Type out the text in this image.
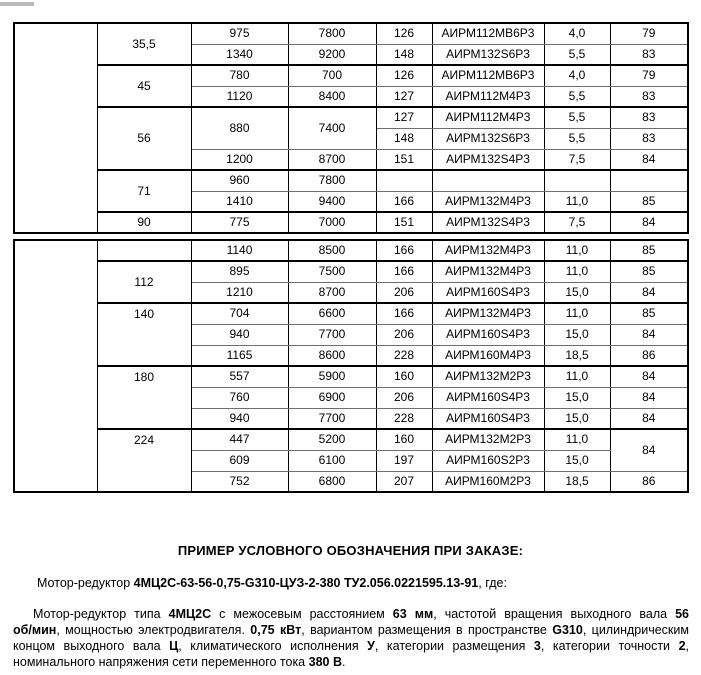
	35,5	975	7800	126	АИРМ112МВ6Р3	4,0	79
		1340	9200	148	АИРМ132S6Р3	5,5	83
	45	780	700	126	АИРМ112МВ6Р3	4,0	79
		1120	8400	127	АИРМ112М4Р3	5,5	83
	56	880	7400	127	АИРМ112М4Р3	5,5	83
				148	АИРМ132S6Р3	5,5	83
		1200	8700	151	АИРМ132S4Р3	7,5	84
	71	960	7800				
		1410	9400	166	АИРМ132М4Р3	11,0	85
	90	775	7000	151	АИРМ132S4Р3	7,5	84
		1140	8500	166	АИРМ132М4Р3	11,0	85
	112	895	7500	166	АИРМ132М4Р3	11,0	85
		1210	8700	206	АИРМ160S4Р3	15,0	84
	140	704	6600	166	АИРМ132М4Р3	11,0	85
		940	7700	206	АИРМ160S4Р3	15,0	84
		1165	8600	228	АИРМ160М4Р3	18,5	86
	180	557	5900	160	АИРМ132М2Р3	11,0	84
		760	6900	206	АИРМ160S4Р3	15,0	84
		940	7700	228	АИРМ160S4Р3	15,0	84
	224	447	5200	160	АИРМ132М2Р3	11,0	84
		609	6100	197	АИРМ160S2Р3	15,0	
		752	6800	207	АИРМ160М2Р3	18,5	86
ПРИМЕР УСЛОВНОГО ОБОЗНАЧЕНИЯ ПРИ ЗАКАЗЕ:
Мотор-редуктор 4МЦ2С-63-56-0,75-G310-ЦУЗ-2-380 ТУ2.056.0221595.13-91, где:
Мотор-редуктор типа 4МЦ2С с межосевым расстоянием 63 мм, частотой вращения выходного вала 56
об/мин, мощностью электродвигателя. 0,75 кВт, вариантом размещения в пространстве G310, цилиндрическим
концом выходного вала Ц, климатического исполнения У, категории размещения 3, категории точности 2,
номинального напряжения сети переменного тока 380 В.
